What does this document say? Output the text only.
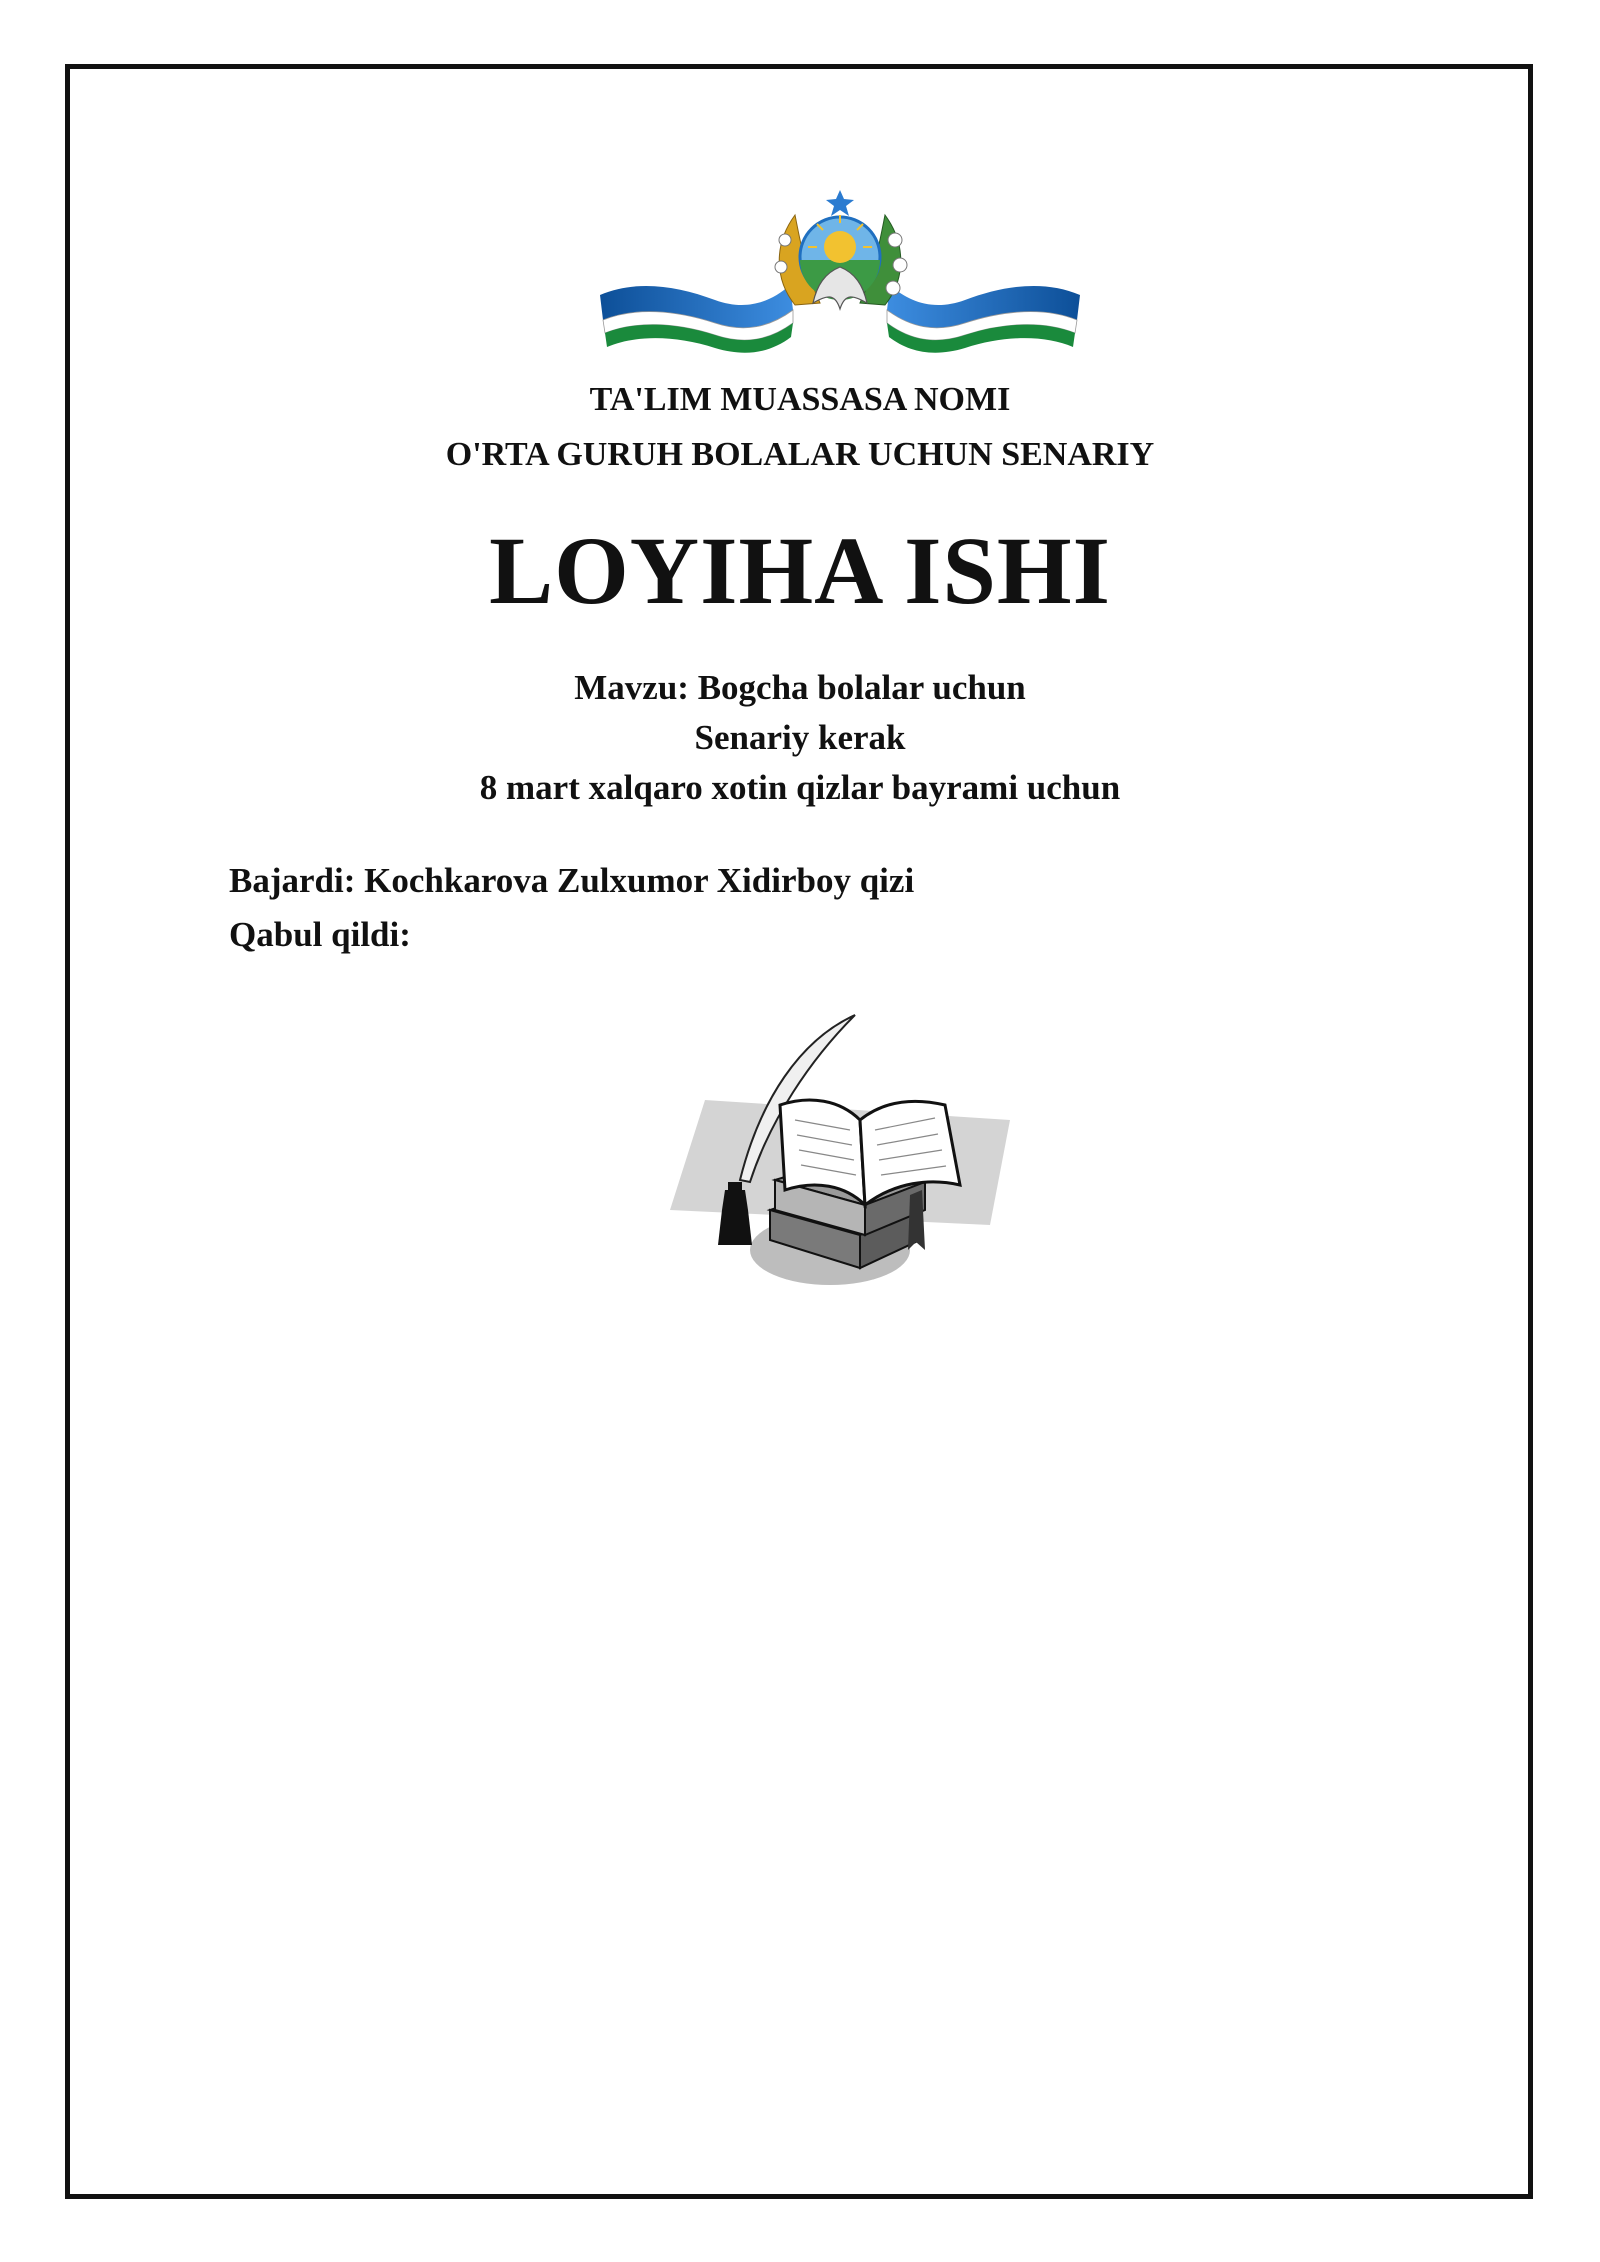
TA'LIM MUASSASA NOMI
O'RTA GURUH BOLALAR UCHUN SENARIY
LOYIHA ISHI
Mavzu: Bogcha bolalar uchun
Senariy kerak
8 mart xalqaro xotin qizlar bayrami uchun
Bajardi: Kochkarova Zulxumor Xidirboy qizi
Qabul qildi:
